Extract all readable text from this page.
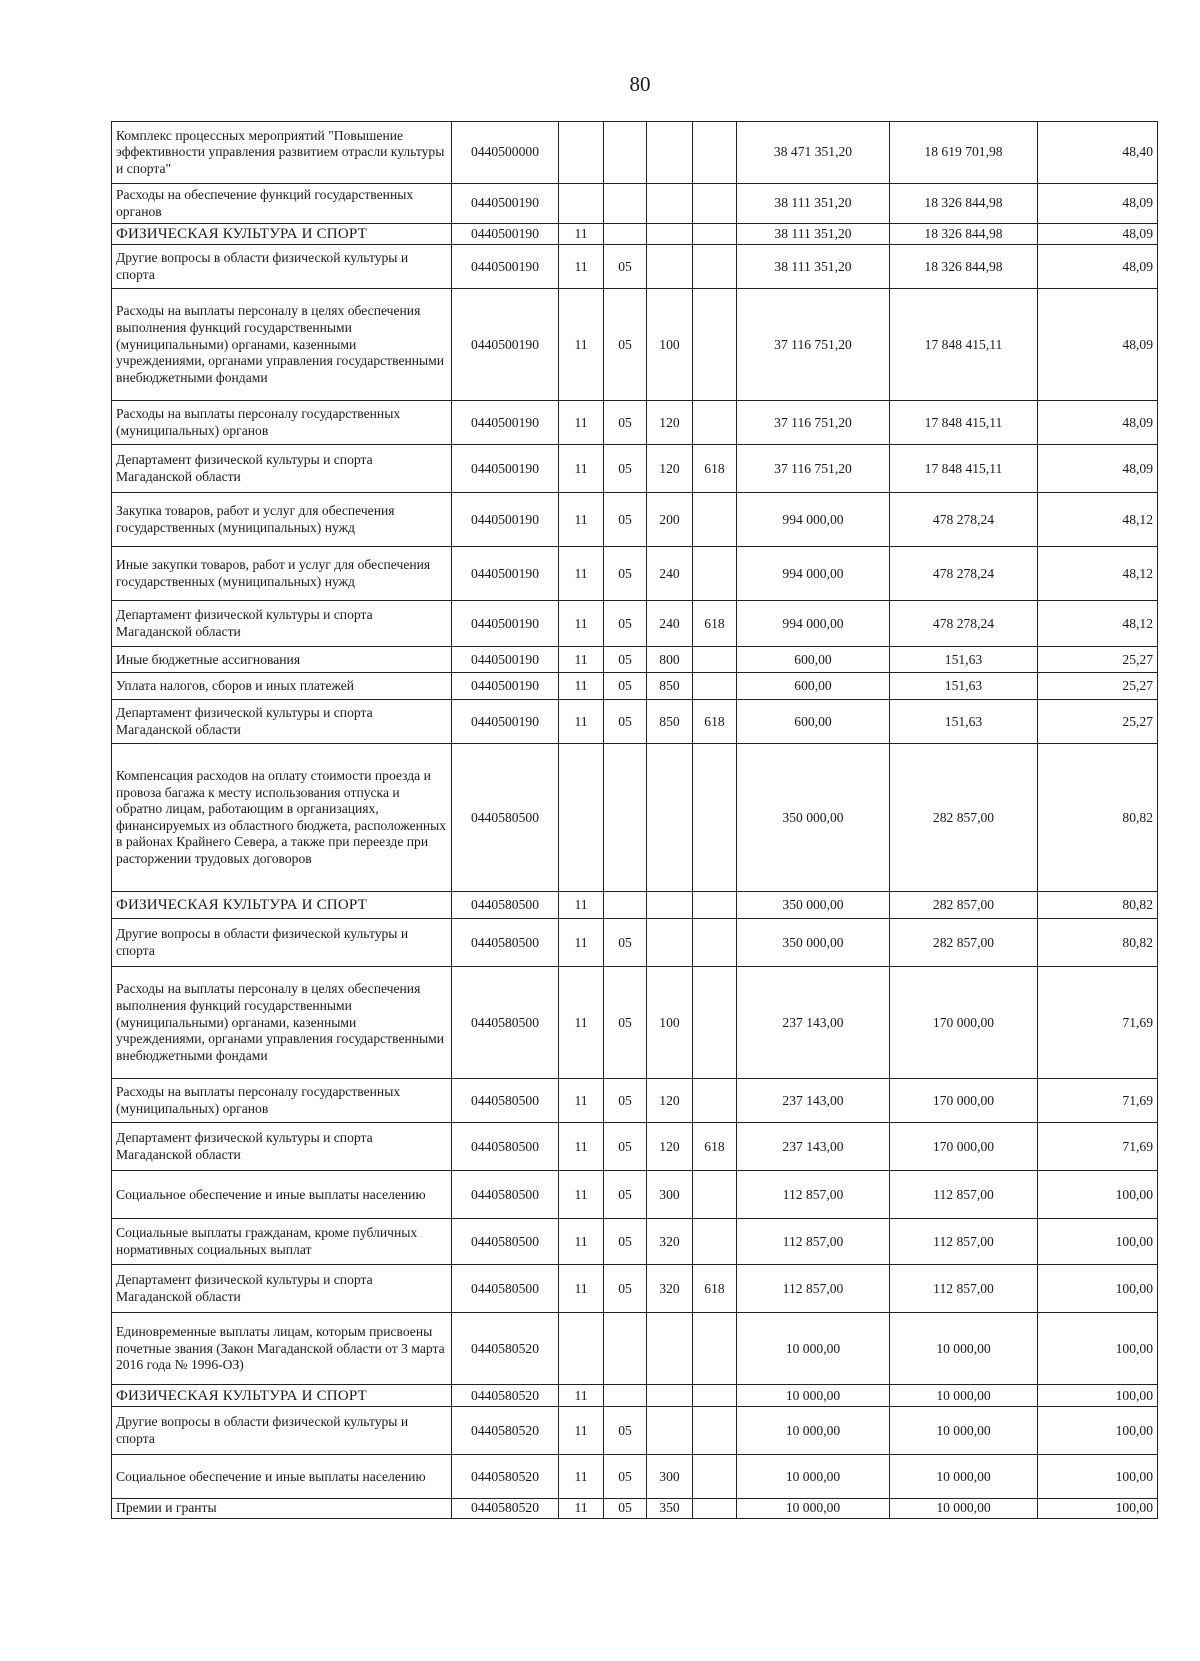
80
Комплекс процессных мероприятий "Повышение эффективности управления развитием отрасли культуры и спорта"	0440500000					38 471 351,20	18 619 701,98	48,40
Расходы на обеспечение функций государственных органов	0440500190					38 111 351,20	18 326 844,98	48,09
ФИЗИЧЕСКАЯ КУЛЬТУРА И СПОРТ	0440500190	11				38 111 351,20	18 326 844,98	48,09
Другие вопросы в области физической культуры и спорта	0440500190	11	05			38 111 351,20	18 326 844,98	48,09
Расходы на выплаты персоналу в целях обеспечения выполнения функций государственными (муниципальными) органами, казенными учреждениями, органами управления государственными внебюджетными фондами	0440500190	11	05	100		37 116 751,20	17 848 415,11	48,09
Расходы на выплаты персоналу государственных (муниципальных) органов	0440500190	11	05	120		37 116 751,20	17 848 415,11	48,09
Департамент физической культуры и спорта Магаданской области	0440500190	11	05	120	618	37 116 751,20	17 848 415,11	48,09
Закупка товаров, работ и услуг для обеспечения государственных (муниципальных) нужд	0440500190	11	05	200		994 000,00	478 278,24	48,12
Иные закупки товаров, работ и услуг для обеспечения государственных (муниципальных) нужд	0440500190	11	05	240		994 000,00	478 278,24	48,12
Департамент физической культуры и спорта Магаданской области	0440500190	11	05	240	618	994 000,00	478 278,24	48,12
Иные бюджетные ассигнования	0440500190	11	05	800		600,00	151,63	25,27
Уплата налогов, сборов и иных платежей	0440500190	11	05	850		600,00	151,63	25,27
Департамент физической культуры и спорта Магаданской области	0440500190	11	05	850	618	600,00	151,63	25,27
Компенсация расходов на оплату стоимости проезда и провоза багажа к месту использования отпуска и обратно лицам, работающим в организациях, финансируемых из областного бюджета, расположенных в районах Крайнего Севера, а также при переезде при расторжении трудовых договоров	0440580500					350 000,00	282 857,00	80,82
ФИЗИЧЕСКАЯ КУЛЬТУРА И СПОРТ	0440580500	11				350 000,00	282 857,00	80,82
Другие вопросы в области физической культуры и спорта	0440580500	11	05			350 000,00	282 857,00	80,82
Расходы на выплаты персоналу в целях обеспечения выполнения функций государственными (муниципальными) органами, казенными учреждениями, органами управления государственными внебюджетными фондами	0440580500	11	05	100		237 143,00	170 000,00	71,69
Расходы на выплаты персоналу государственных (муниципальных) органов	0440580500	11	05	120		237 143,00	170 000,00	71,69
Департамент физической культуры и спорта Магаданской области	0440580500	11	05	120	618	237 143,00	170 000,00	71,69
Социальное обеспечение и иные выплаты населению	0440580500	11	05	300		112 857,00	112 857,00	100,00
Социальные выплаты гражданам, кроме публичных нормативных социальных выплат	0440580500	11	05	320		112 857,00	112 857,00	100,00
Департамент физической культуры и спорта Магаданской области	0440580500	11	05	320	618	112 857,00	112 857,00	100,00
Единовременные выплаты лицам, которым присвоены почетные звания (Закон Магаданской области от 3 марта 2016 года № 1996-ОЗ)	0440580520					10 000,00	10 000,00	100,00
ФИЗИЧЕСКАЯ КУЛЬТУРА И СПОРТ	0440580520	11				10 000,00	10 000,00	100,00
Другие вопросы в области физической культуры и спорта	0440580520	11	05			10 000,00	10 000,00	100,00
Социальное обеспечение и иные выплаты населению	0440580520	11	05	300		10 000,00	10 000,00	100,00
Премии и гранты	0440580520	11	05	350		10 000,00	10 000,00	100,00
